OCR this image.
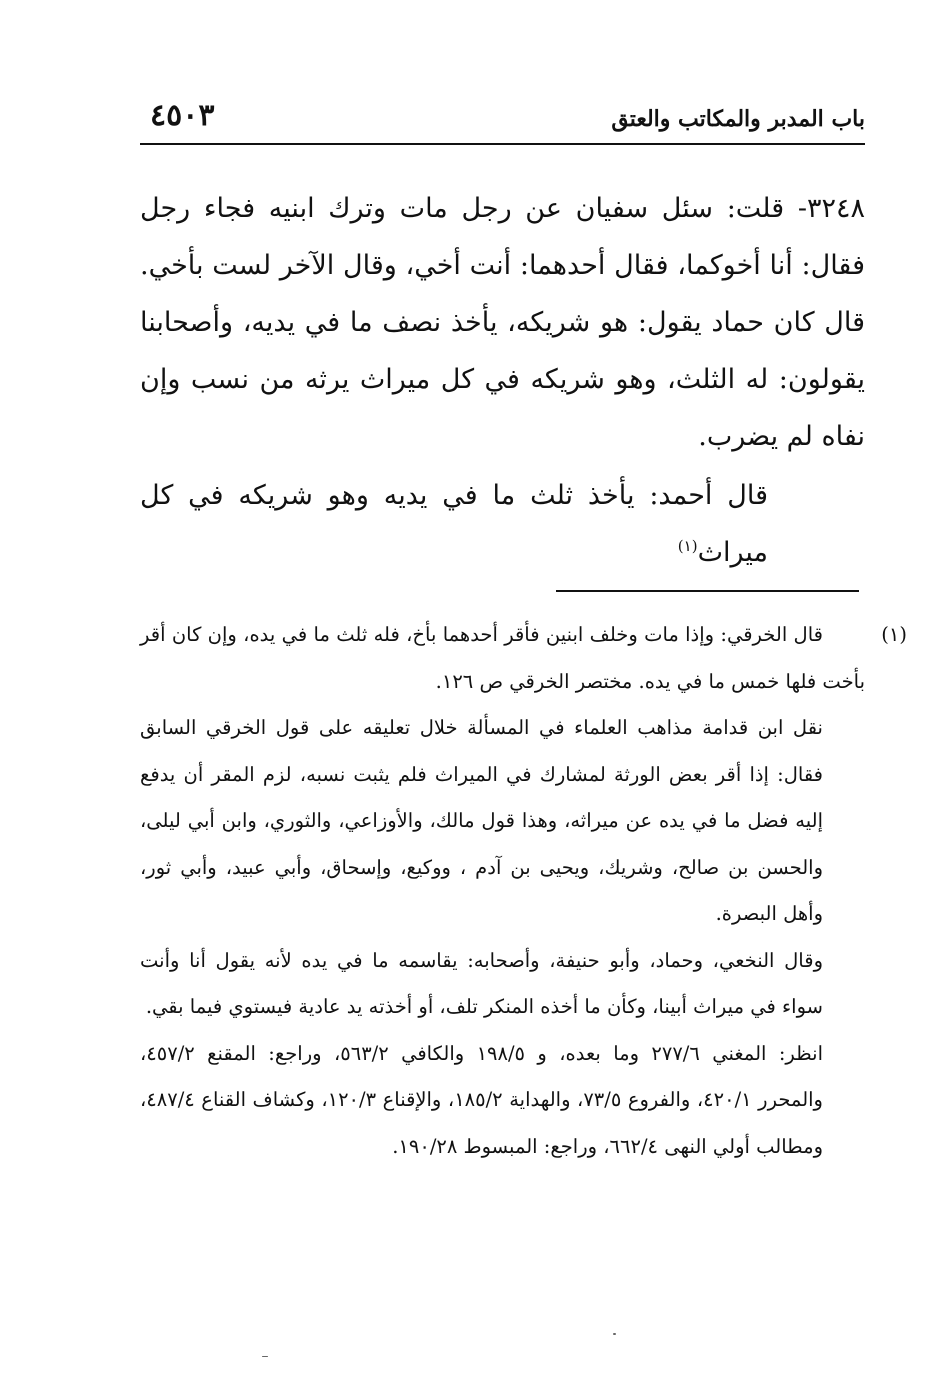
٤٥٠٣	باب المدبر والمكاتب والعتق

٣٢٤٨- قلت: سئل سفيان عن رجل مات وترك ابنيه فجاء رجل فقال: أنا أخوكما، فقال أحدهما: أنت أخي، وقال الآخر لست بأخي. قال كان حماد يقول: هو شريكه، يأخذ نصف ما في يديه، وأصحابنا يقولون: له الثلث، وهو شريكه في كل ميراث يرثه من نسب وإن نفاه لم يضرب.

قال أحمد: يأخذ ثلث ما في يديه وهو شريكه في كل ميراث$^{(١)}$

(١)قال الخرقي: وإذا مات وخلف ابنين فأقر أحدهما بأخ، فله ثلث ما في يده، وإن كان أقر بأخت فلها خمس ما في يده. مختصر الخرقي ص ١٢٦.

نقل ابن قدامة مذاهب العلماء في المسألة خلال تعليقه على قول الخرقي السابق فقال: إذا أقر بعض الورثة لمشارك في الميراث فلم يثبت نسبه، لزم المقر أن يدفع إليه فضل ما في يده عن ميراثه، وهذا قول مالك، والأوزاعي، والثوري، وابن أبي ليلى، والحسن بن صالح، وشريك، ويحيى بن آدم ، ووكيع، وإسحاق، وأبي عبيد، وأبي ثور، وأهل البصرة.

وقال النخعي، وحماد، وأبو حنيفة، وأصحابه: يقاسمه ما في يده لأنه يقول أنا وأنت سواء في ميراث أبينا، وكأن ما أخذه المنكر تلف، أو أخذته يد عادية فيستوي فيما بقي.

انظر: المغني ٢٧٧/٦ وما بعده، و ١٩٨/٥ والكافي ٥٦٣/٢، وراجع: المقنع ٤٥٧/٢، والمحرر ٤٢٠/١، والفروع ٧٣/٥، والهداية ١٨٥/٢، والإقناع ١٢٠/٣، وكشاف القناع ٤٨٧/٤، ومطالب أولي النهى ٦٦٢/٤، وراجع: المبسوط ١٩٠/٢٨.
